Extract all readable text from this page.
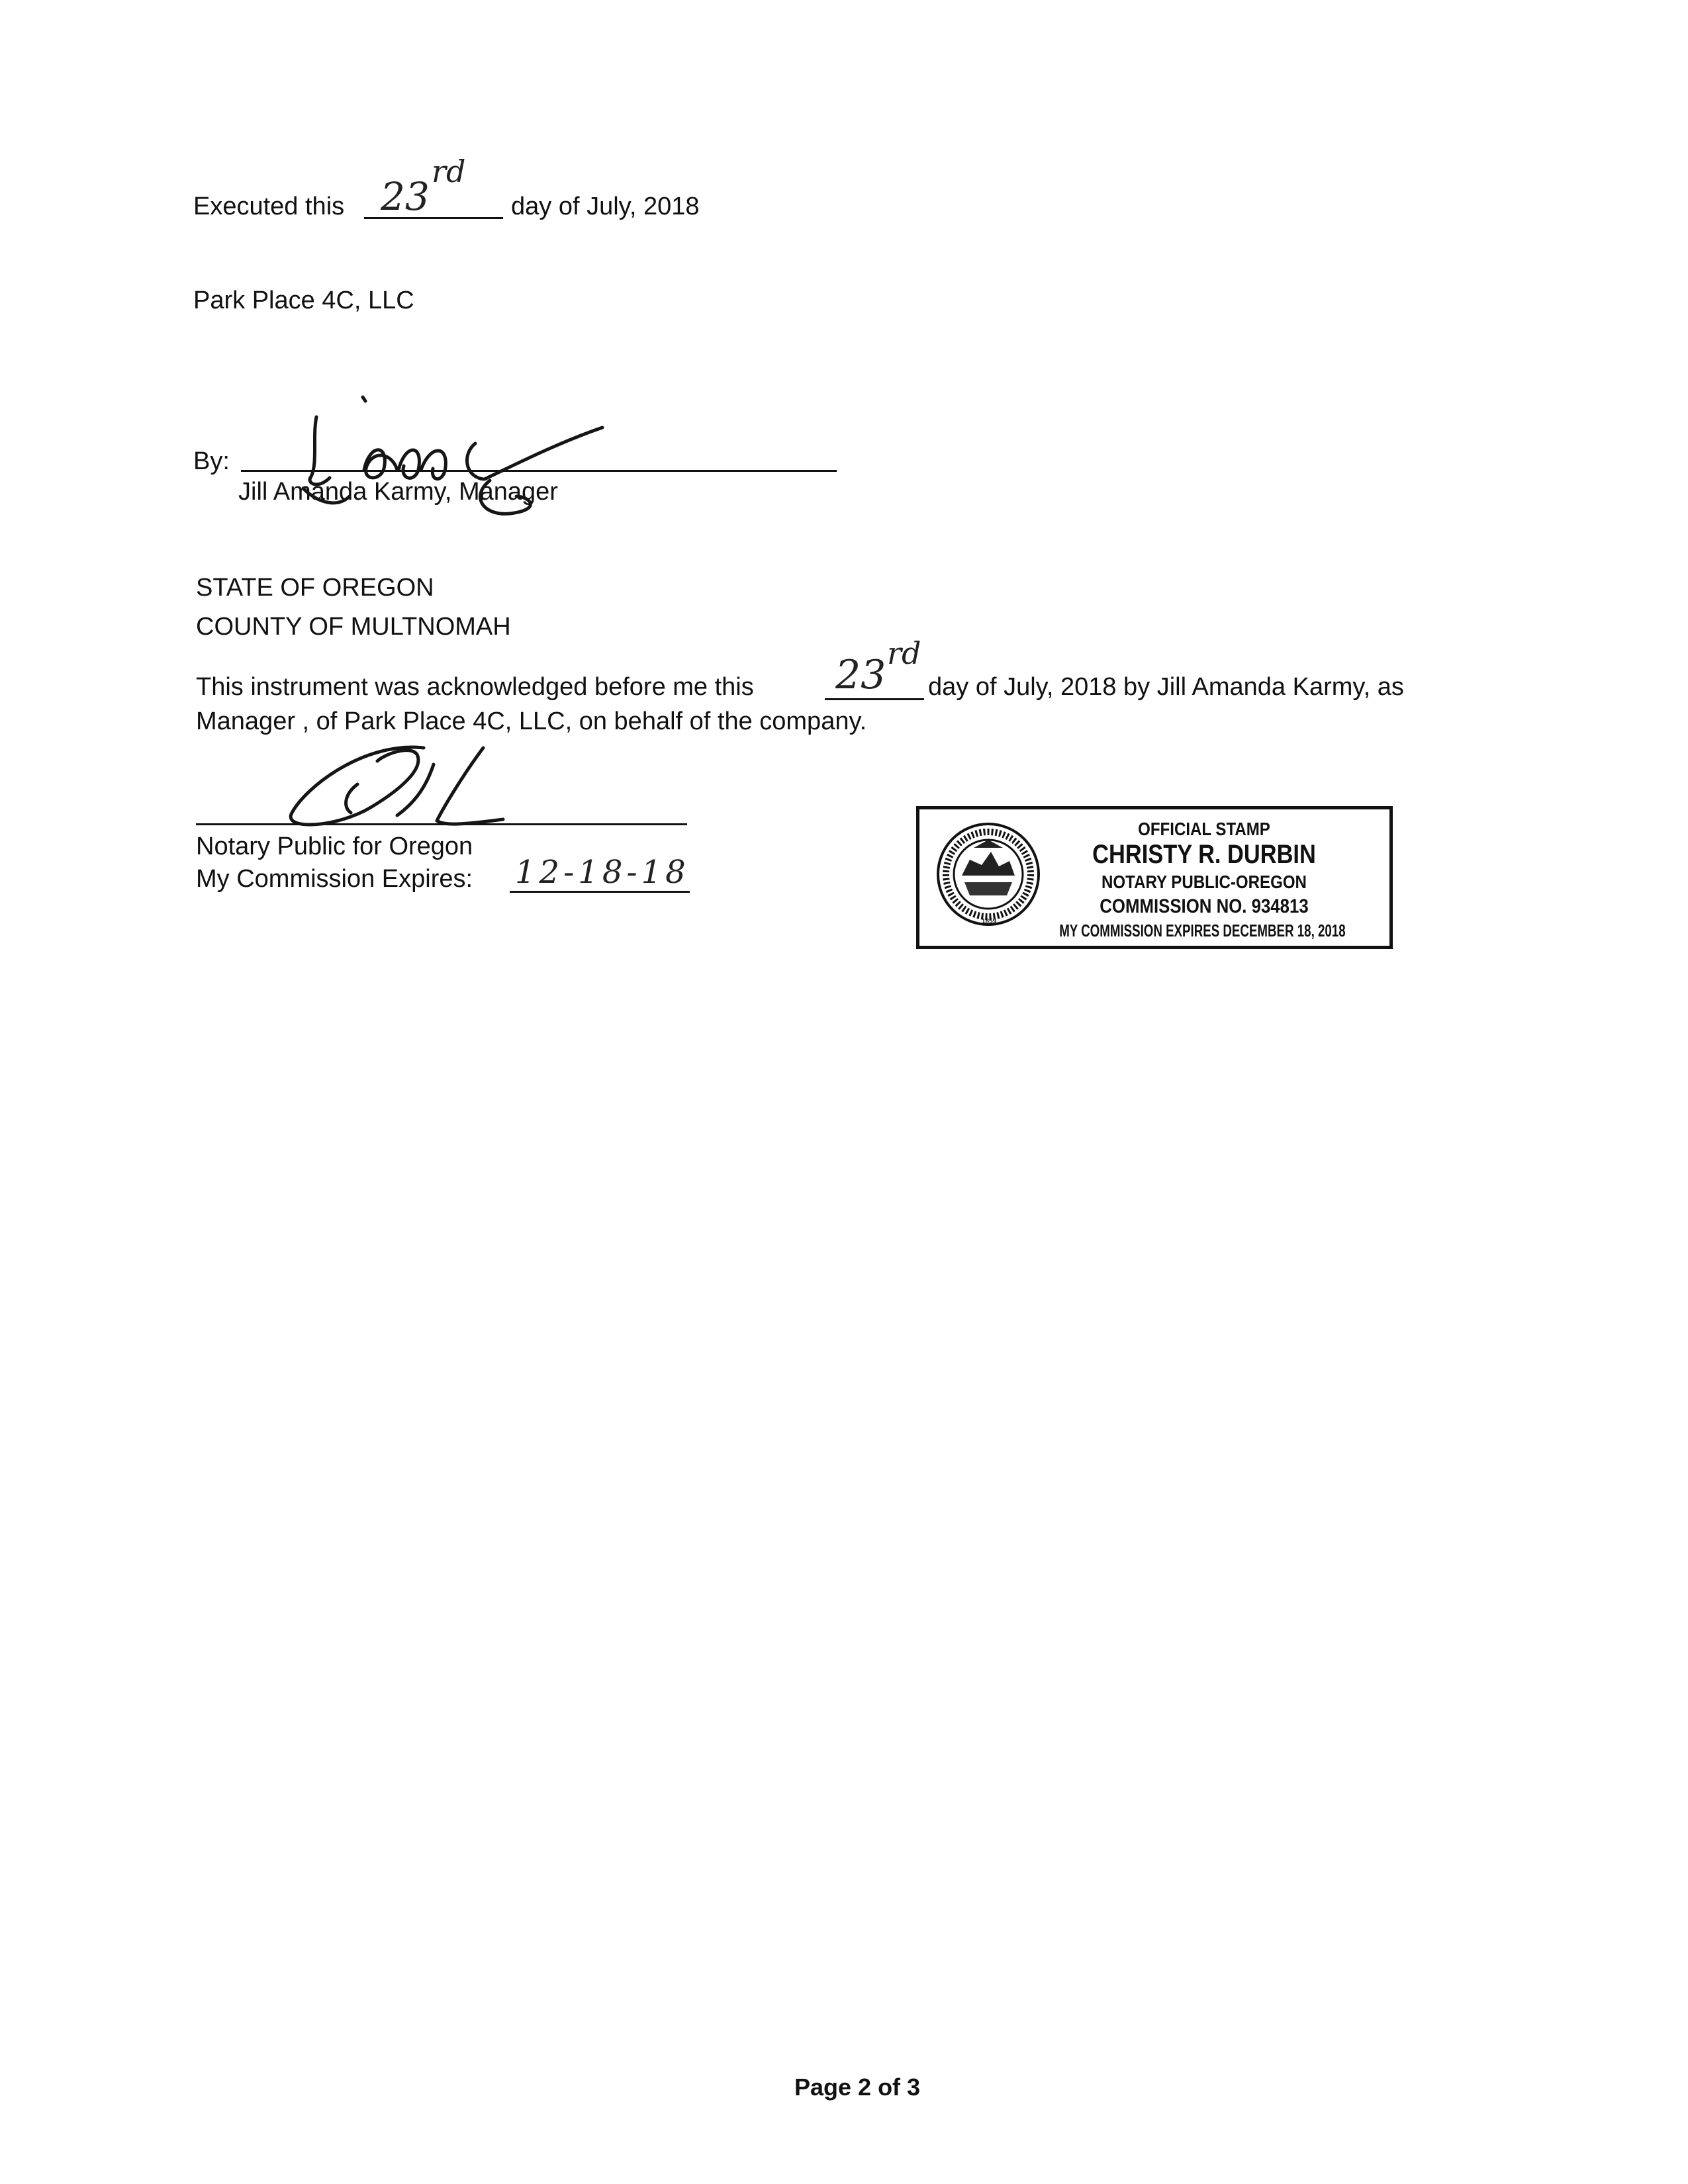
Executed this 23
rd
day of July, 2018
Park Place 4C, LLC
By:
Jill Amanda Karmy, Manager
STATE OF OREGON
COUNTY OF MULTNOMAH
This instrument was acknowledged before me this 23 rd
day of July, 2018 by Jill Amanda Karmy, as
Manager , of Park Place 4C, LLC, on behalf of the company.
Notary Public for Oregon
My Commission Expires: 12-18-18
1859
OFFICIAL STAMP
CHRISTY R. DURBIN
NOTARY PUBLIC-OREGON
COMMISSION NO. 934813
MY COMMISSION EXPIRES DECEMBER 18, 2018
Page 2 of 3
